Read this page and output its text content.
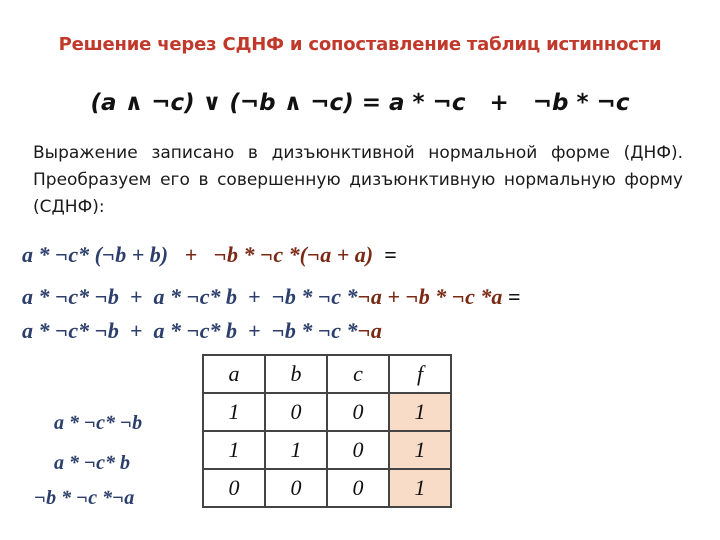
Решение через СДНФ и сопоставление таблиц истинности
(a ∧ ¬c) ∨ (¬b ∧ ¬c) = a * ¬c   +   ¬b * ¬c
Выражение записано в дизъюнктивной нормальной форме (ДНФ). Преобразуем его в совершенную дизъюнктивную нормальную форму (СДНФ):
a * ¬c* (¬b + b)   +   ¬b * ¬c *(¬a + a)  =
a * ¬c* ¬b  +  a * ¬c* b  +  ¬b * ¬c *¬a + ¬b * ¬c *a =
a * ¬c* ¬b  +  a * ¬c* b  +  ¬b * ¬c *¬a
a	b	c	f
1	0	0	1
1	1	0	1
0	0	0	1
a * ¬c* ¬b
a * ¬c* b
¬b * ¬c *¬a
